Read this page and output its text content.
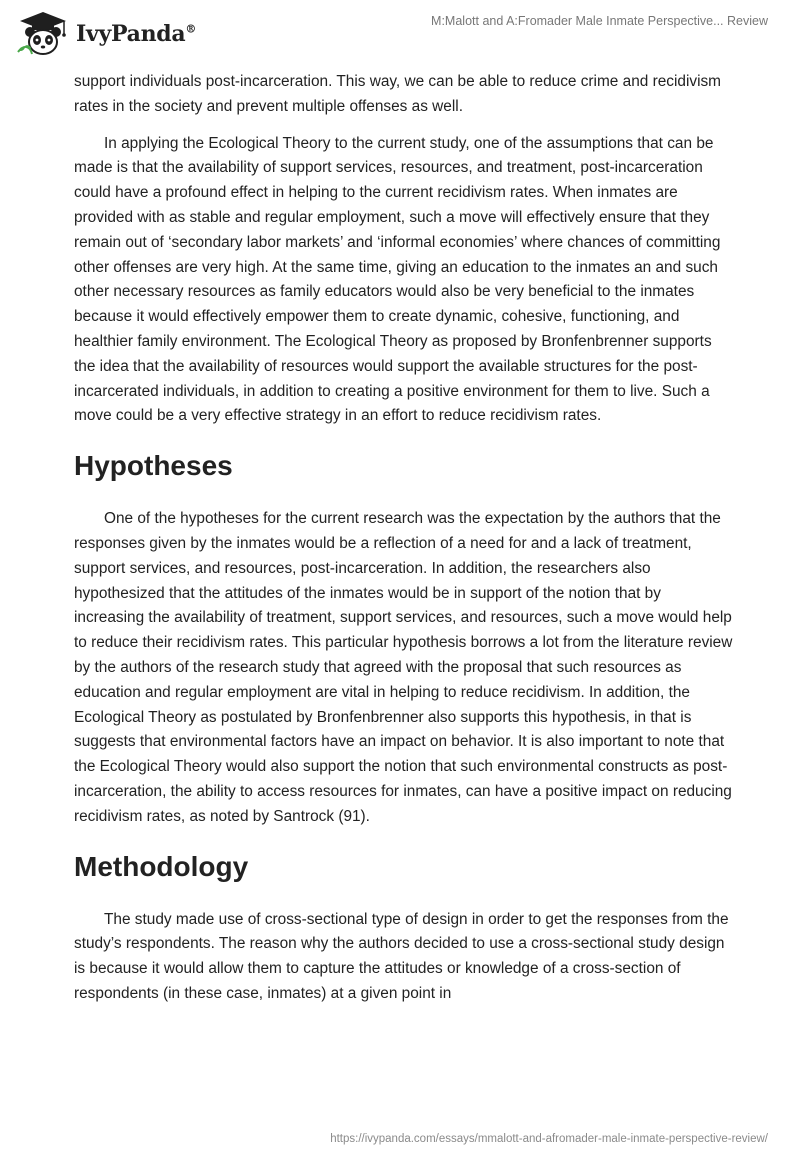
IvyPanda®
M:Malott and A:Fromader Male Inmate Perspective... Review

support individuals post-incarceration. This way, we can be able to reduce crime and recidivism rates in the society and prevent multiple offenses as well.

In applying the Ecological Theory to the current study, one of the assumptions that can be made is that the availability of support services, resources, and treatment, post-incarceration could have a profound effect in helping to the current recidivism rates. When inmates are provided with as stable and regular employment, such a move will effectively ensure that they remain out of ‘secondary labor markets’ and ‘informal economies’ where chances of committing other offenses are very high. At the same time, giving an education to the inmates an and such other necessary resources as family educators would also be very beneficial to the inmates because it would effectively empower them to create dynamic, cohesive, functioning, and healthier family environment. The Ecological Theory as proposed by Bronfenbrenner supports the idea that the availability of resources would support the available structures for the post-incarcerated individuals, in addition to creating a positive environment for them to live. Such a move could be a very effective strategy in an effort to reduce recidivism rates.

Hypotheses

One of the hypotheses for the current research was the expectation by the authors that the responses given by the inmates would be a reflection of a need for and a lack of treatment, support services, and resources, post-incarceration. In addition, the researchers also hypothesized that the attitudes of the inmates would be in support of the notion that by increasing the availability of treatment, support services, and resources, such a move would help to reduce their recidivism rates. This particular hypothesis borrows a lot from the literature review by the authors of the research study that agreed with the proposal that such resources as education and regular employment are vital in helping to reduce recidivism. In addition, the Ecological Theory as postulated by Bronfenbrenner also supports this hypothesis, in that is suggests that environmental factors have an impact on behavior. It is also important to note that the Ecological Theory would also support the notion that such environmental constructs as post-incarceration, the ability to access resources for inmates, can have a positive impact on reducing recidivism rates, as noted by Santrock (91).

Methodology

The study made use of cross-sectional type of design in order to get the responses from the study’s respondents. The reason why the authors decided to use a cross-sectional study design is because it would allow them to capture the attitudes or knowledge of a cross-section of respondents (in these case, inmates) at a given point in

https://ivypanda.com/essays/mmalott-and-afromader-male-inmate-perspective-review/
